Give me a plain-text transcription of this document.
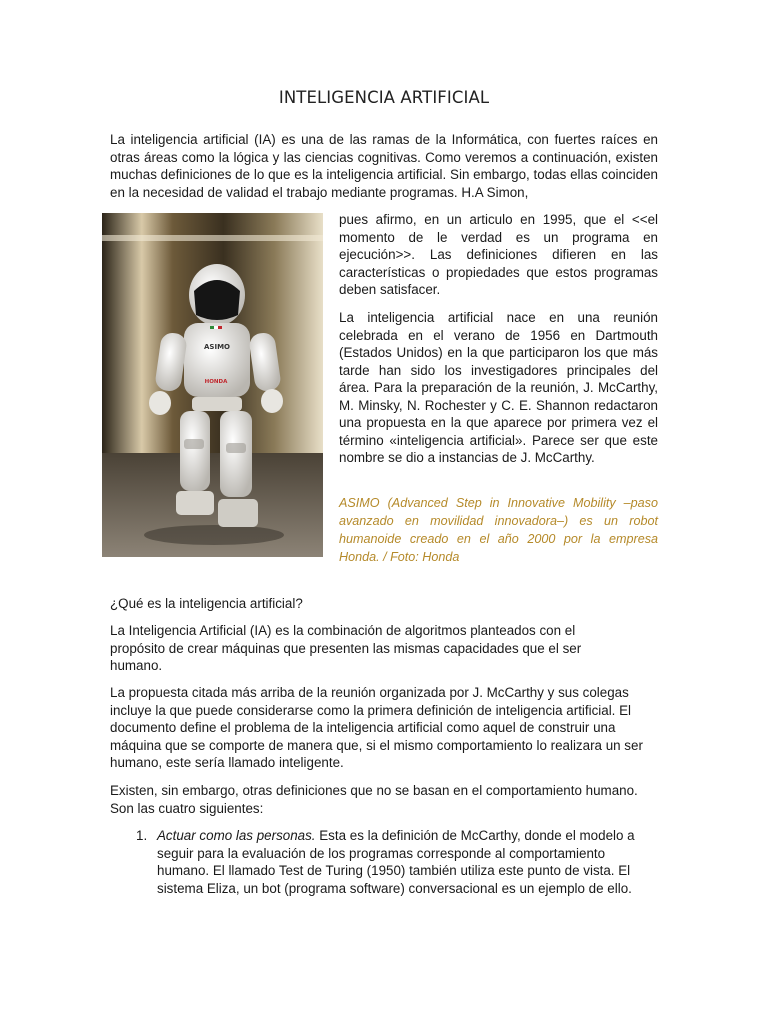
INTELIGENCIA ARTIFICIAL

La inteligencia artificial (IA) es una de las ramas de la Informática, con fuertes raíces en otras áreas como la lógica y las ciencias cognitivas. Como veremos a continuación, existen muchas definiciones de lo que es la inteligencia artificial. Sin embargo, todas ellas coinciden en la necesidad de validad el trabajo mediante programas. H.A Simon,

ASIMO
HONDA

pues afirmo, en un articulo en 1995, que el <<el momento de le verdad es un programa en ejecución>>. Las definiciones difieren en las características o propiedades que estos programas deben satisfacer.

La inteligencia artificial nace en una reunión celebrada en el verano de 1956 en Dartmouth (Estados Unidos) en la que participaron los que más tarde han sido los investigadores principales del área. Para la preparación de la reunión, J. McCarthy, M. Minsky, N. Rochester y C. E. Shannon redactaron una propuesta en la que aparece por primera vez el término «inteligencia artificial». Parece ser que este nombre se dio a instancias de J. McCarthy.

ASIMO (Advanced Step in Innovative Mobility –paso avanzado en movilidad innovadora–) es un robot humanoide creado en el año 2000 por la empresa Honda. / Foto: Honda

¿Qué es la inteligencia artificial?

La Inteligencia Artificial (IA) es la combinación de algoritmos planteados con el propósito de crear máquinas que presenten las mismas capacidades que el ser humano.

La propuesta citada más arriba de la reunión organizada por J. McCarthy y sus colegas incluye la que puede considerarse como la primera definición de inteligencia artificial. El documento define el problema de la inteligencia artificial como aquel de construir una máquina que se comporte de manera que, si el mismo comportamiento lo realizara un ser humano, este sería llamado inteligente.

Existen, sin embargo, otras definiciones que no se basan en el comportamiento humano. Son las cuatro siguientes:

1. Actuar como las personas. Esta es la definición de McCarthy, donde el modelo a seguir para la evaluación de los programas corresponde al comportamiento humano. El llamado Test de Turing (1950) también utiliza este punto de vista. El sistema Eliza, un bot (programa software) conversacional es un ejemplo de ello.
